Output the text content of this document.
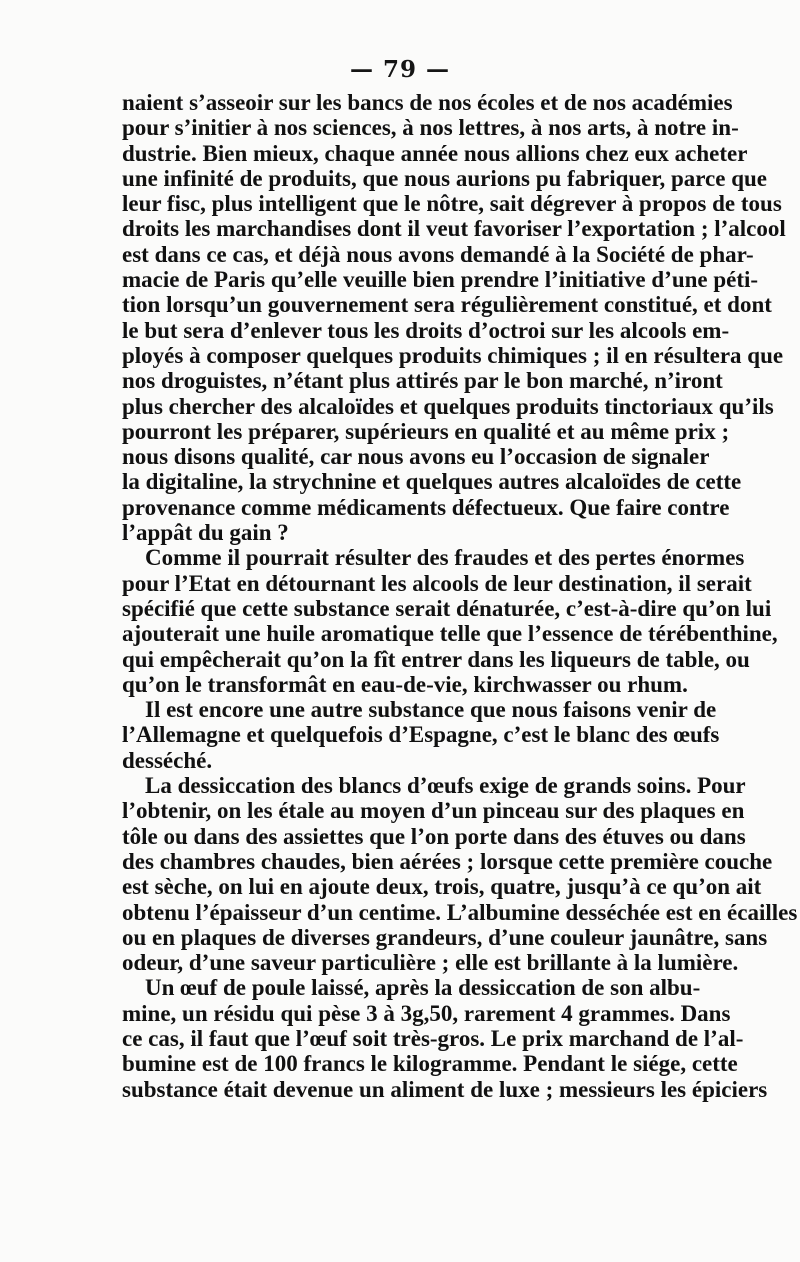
— 79 —
naient s’asseoir sur les bancs de nos écoles et de nos académies
pour s’initier à nos sciences, à nos lettres, à nos arts, à notre in-
dustrie. Bien mieux, chaque année nous allions chez eux acheter
une infinité de produits, que nous aurions pu fabriquer, parce que
leur fisc, plus intelligent que le nôtre, sait dégrever à propos de tous
droits les marchandises dont il veut favoriser l’exportation ; l’alcool
est dans ce cas, et déjà nous avons demandé à la Société de phar-
macie de Paris qu’elle veuille bien prendre l’initiative d’une péti-
tion lorsqu’un gouvernement sera régulièrement constitué, et dont
le but sera d’enlever tous les droits d’octroi sur les alcools em-
ployés à composer quelques produits chimiques ; il en résultera que
nos droguistes, n’étant plus attirés par le bon marché, n’iront
plus chercher des alcaloïdes et quelques produits tinctoriaux qu’ils
pourront les préparer, supérieurs en qualité et au même prix ;
nous disons qualité, car nous avons eu l’occasion de signaler
la digitaline, la strychnine et quelques autres alcaloïdes de cette
provenance comme médicaments défectueux. Que faire contre
l’appât du gain ?
Comme il pourrait résulter des fraudes et des pertes énormes
pour l’Etat en détournant les alcools de leur destination, il serait
spécifié que cette substance serait dénaturée, c’est-à-dire qu’on lui
ajouterait une huile aromatique telle que l’essence de térébenthine,
qui empêcherait qu’on la fît entrer dans les liqueurs de table, ou
qu’on le transformât en eau-de-vie, kirchwasser ou rhum.
Il est encore une autre substance que nous faisons venir de
l’Allemagne et quelquefois d’Espagne, c’est le blanc des œufs
desséché.
La dessiccation des blancs d’œufs exige de grands soins. Pour
l’obtenir, on les étale au moyen d’un pinceau sur des plaques en
tôle ou dans des assiettes que l’on porte dans des étuves ou dans
des chambres chaudes, bien aérées ; lorsque cette première couche
est sèche, on lui en ajoute deux, trois, quatre, jusqu’à ce qu’on ait
obtenu l’épaisseur d’un centime. L’albumine desséchée est en écailles
ou en plaques de diverses grandeurs, d’une couleur jaunâtre, sans
odeur, d’une saveur particulière ; elle est brillante à la lumière.
Un œuf de poule laissé, après la dessiccation de son albu-
mine, un résidu qui pèse 3 à 3g,50, rarement 4 grammes. Dans
ce cas, il faut que l’œuf soit très-gros. Le prix marchand de l’al-
bumine est de 100 francs le kilogramme. Pendant le siége, cette
substance était devenue un aliment de luxe ; messieurs les épiciers
